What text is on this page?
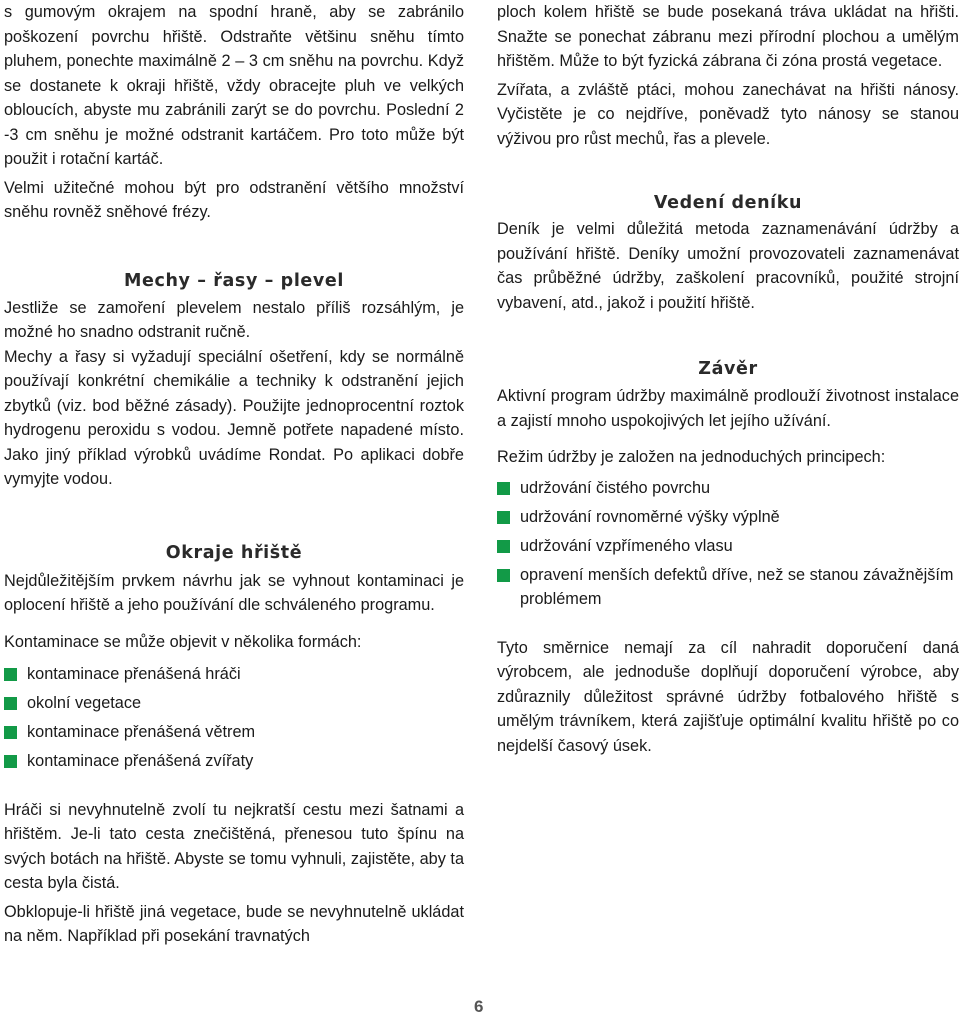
s gumovým okrajem na spodní hraně, aby se zabránilo poškození povrchu hřiště. Odstraňte většinu sněhu tímto pluhem, ponechte maximálně 2 – 3 cm sněhu na povrchu. Když se dostanete k okraji hřiště, vždy obracejte pluh ve velkých obloucích, abyste mu zabránili zarýt se do povrchu. Poslední 2 -3 cm sněhu je možné odstranit kartáčem. Pro toto může být použit i rotační kartáč.

Velmi užitečné mohou být pro odstranění většího množství sněhu rovněž sněhové frézy.

Mechy – řasy – plevel

Jestliže se zamoření plevelem nestalo příliš rozsáhlým, je možné ho snadno odstranit ručně.

Mechy a řasy si vyžadují speciální ošetření, kdy se normálně používají konkrétní chemikálie a techniky k odstranění jejich zbytků (viz. bod běžné zásady). Použijte jednoprocentní roztok hydrogenu peroxidu s vodou. Jemně potřete napadené místo. Jako jiný příklad výrobků uvádíme Rondat. Po aplikaci dobře vymyjte vodou.

Okraje hřiště

Nejdůležitějším prvkem návrhu jak se vyhnout kontaminaci je oplocení hřiště a jeho používání dle schváleného programu.

Kontaminace se může objevit v několika formách:

kontaminace přenášená hráči
okolní vegetace
kontaminace přenášená větrem
kontaminace přenášená zvířaty

Hráči si nevyhnutelně zvolí tu nejkratší cestu mezi šatnami a hřištěm. Je-li tato cesta znečištěná, přenesou tuto špínu na svých botách na hřiště. Abyste se tomu vyhnuli, zajistěte, aby ta cesta byla čistá.

Obklopuje-li hřiště jiná vegetace, bude se nevyhnutelně ukládat na něm. Například při posekání travnatých

ploch kolem hřiště se bude posekaná tráva ukládat na hřišti. Snažte se ponechat zábranu mezi přírodní plochou a umělým hřištěm. Může to být fyzická zábrana či zóna prostá vegetace.

Zvířata, a zvláště ptáci, mohou zanechávat na hřišti nánosy. Vyčistěte je co nejdříve, poněvadž tyto nánosy se stanou výživou pro růst mechů, řas a plevele.

Vedení deníku

Deník je velmi důležitá metoda zaznamenávání údržby a používání hřiště. Deníky umožní provozovateli zaznamenávat čas průběžné údržby, zaškolení pracovníků, použité strojní vybavení, atd., jakož i použití hřiště.

Závěr

Aktivní program údržby maximálně prodlouží životnost instalace a zajistí mnoho uspokojivých let jejího užívání.

Režim údržby je založen na jednoduchých principech:

udržování čistého povrchu
udržování rovnoměrné výšky výplně
udržování vzpřímeného vlasu
opravení menších defektů dříve, než se stanou závažnějším problémem

Tyto směrnice nemají za cíl nahradit doporučení daná výrobcem, ale jednoduše doplňují doporučení výrobce, aby zdůraznily důležitost správné údržby fotbalového hřiště s umělým trávníkem, která zajišťuje optimální kvalitu hřiště po co nejdelší časový úsek.

6
